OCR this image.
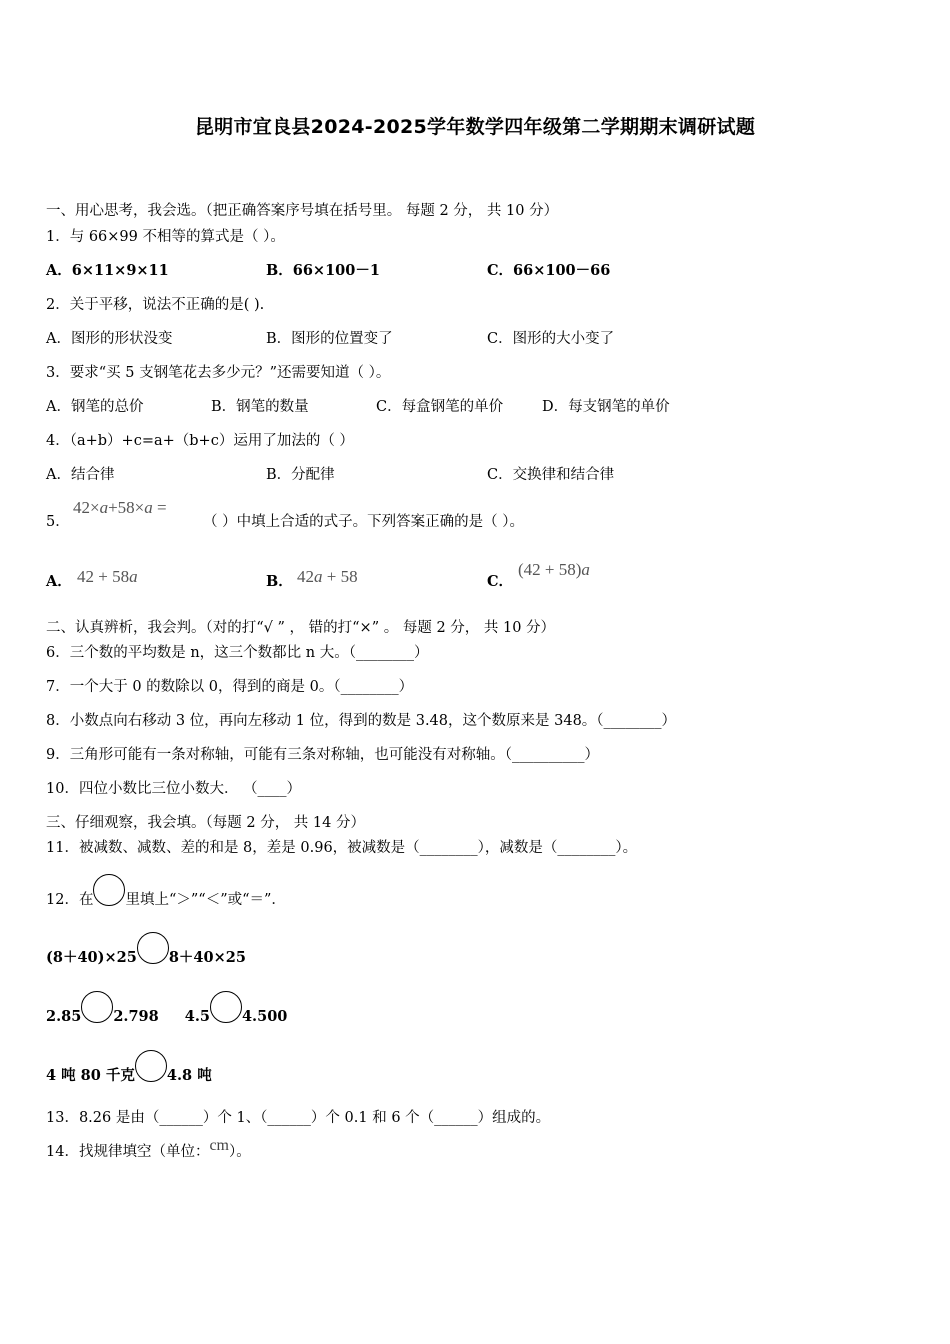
昆明市宜良县2024-2025学年数学四年级第二学期期末调研试题
一、用心思考，我会选。（把正确答案序号填在括号里。 每题 2 分， 共 10 分）
1．与 66×99 不相等的算式是（ ）。
A．6×11×9×11	B．66×100－1	C．66×100－66
2．关于平移，说法不正确的是( ).
A．图形的形状没变	B．图形的位置变了	C．图形的大小变了
3．要求“买 5 支钢笔花去多少元？”还需要知道（ ）。
A．钢笔的总价	B．钢笔的数量	C．每盒钢笔的单价	D．每支钢笔的单价
4．（a+b）+c=a+（b+c）运用了加法的（ ）
A．结合律	B．分配律	C．交换律和结合律
5．
42×a+58×a =
（ ）中填上合适的式子。下列答案正确的是（ ）。
A． 42 + 58a	B． 42a + 58	C．
(42 + 58)a
二、认真辨析，我会判。（对的打“√ ” ， 错的打“×” 。 每题 2 分， 共 10 分）
6．三个数的平均数是 n，这三个数都比 n 大。（________）
7．一个大于 0 的数除以 0，得到的商是 0。（________）
8．小数点向右移动 3 位，再向左移动 1 位，得到的数是 3.48，这个数原来是 348。（________）
9．三角形可能有一条对称轴，可能有三条对称轴，也可能没有对称轴。（__________）
10．四位小数比三位小数大． （____）
三、仔细观察，我会填。（每题 2 分， 共 14 分）
11．被减数、减数、差的和是 8，差是 0.96，被减数是（________），减数是（________）。
12．在 里填上“＞”“＜”或“＝”．
(8＋40)×25 8＋40×25
2.85 2.798 4.5 4.500
4 吨 80 千克 4.8 吨
13．8.26 是由（______）个 1、（______）个 0.1 和 6 个（______）组成的。
14．找规律填空（单位：cm）。
